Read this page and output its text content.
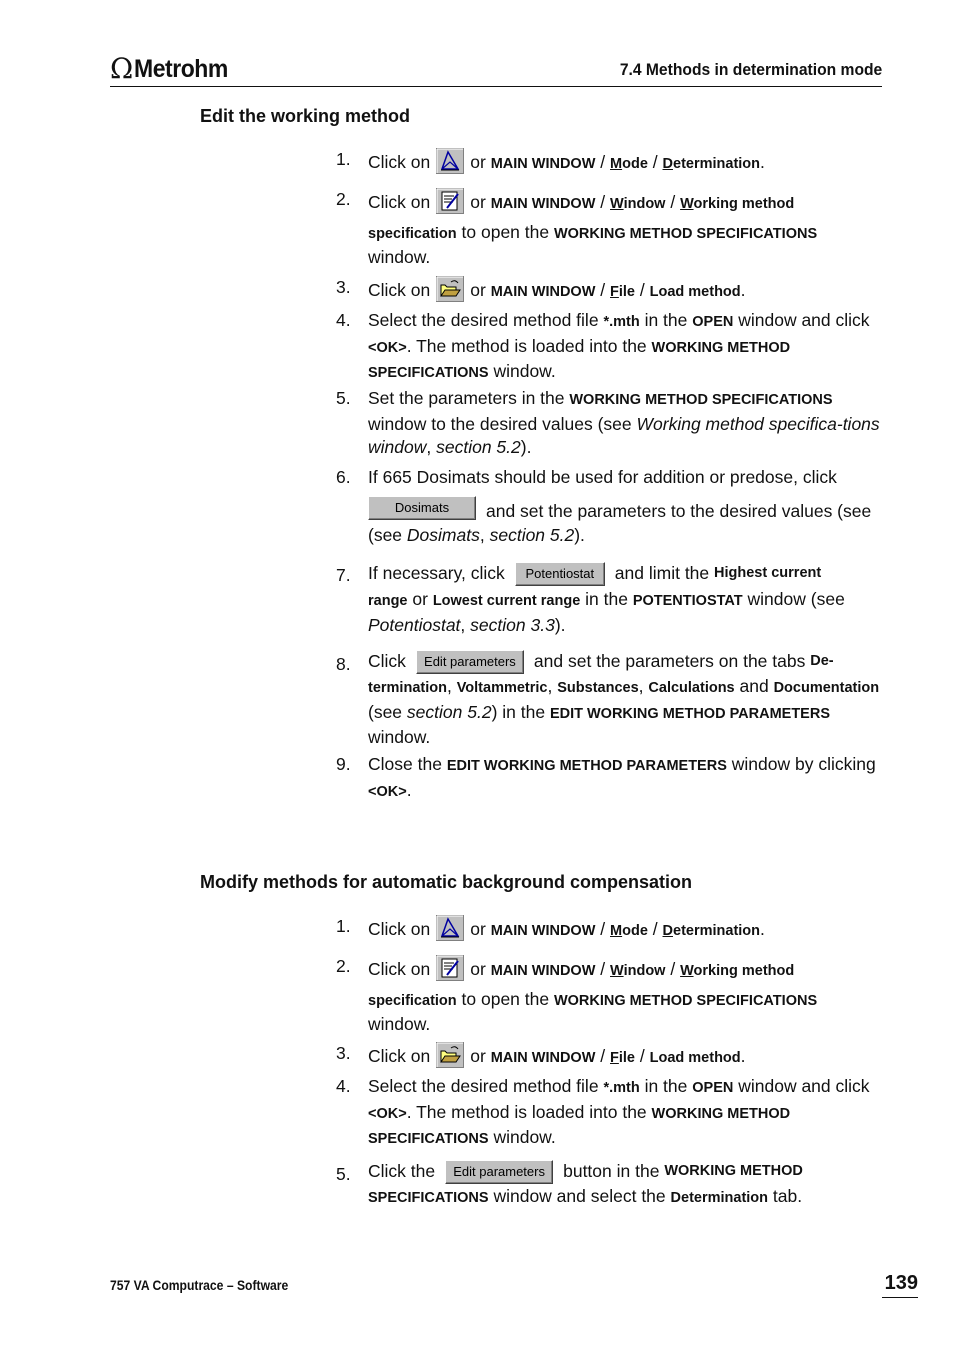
Ω Metrohm	7.4 Methods in determination mode
Edit the working method
1. Click on or MAIN WINDOW / Mode / Determination.
2. Click on or MAIN WINDOW / Window / Working method specification to open the WORKING METHOD SPECIFICATIONS window.
3. Click on or MAIN WINDOW / File / Load method.
4. Select the desired method file *.mth in the OPEN window and click <OK>. The method is loaded into the WORKING METHOD SPECIFICATIONS window.
5. Set the parameters in the WORKING METHOD SPECIFICATIONS window to the desired values (see Working method specifica-tions window, section 5.2).
6. If 665 Dosimats should be used for addition or predose, click
Dosimats	and set the parameters to the desired values (see
(see Dosimats, section 5.2).
7. If necessary, click	Potentiostat	and limit the
Highest current
range or Lowest current range in the POTENTIOSTAT window (see Potentiostat, section 3.3).
8. Click	Edit parameters	and set the parameters on the tabs
De-
termination, Voltammetric, Substances, Calculations and Documentation (see section 5.2) in the EDIT WORKING METHOD PARAMETERS window.
9. Close the EDIT WORKING METHOD PARAMETERS window by clicking <OK>.
Modify methods for automatic background compensation
1. Click on or MAIN WINDOW / Mode / Determination.
2. Click on or MAIN WINDOW / Window / Working method specification to open the WORKING METHOD SPECIFICATIONS window.
3. Click on or MAIN WINDOW / File / Load method.
4. Select the desired method file *.mth in the OPEN window and click <OK>. The method is loaded into the WORKING METHOD SPECIFICATIONS window.
5. Click the	Edit parameters	button in the
WORKING METHOD
SPECIFICATIONS window and select the Determination tab.
757 VA Computrace – Software	139
